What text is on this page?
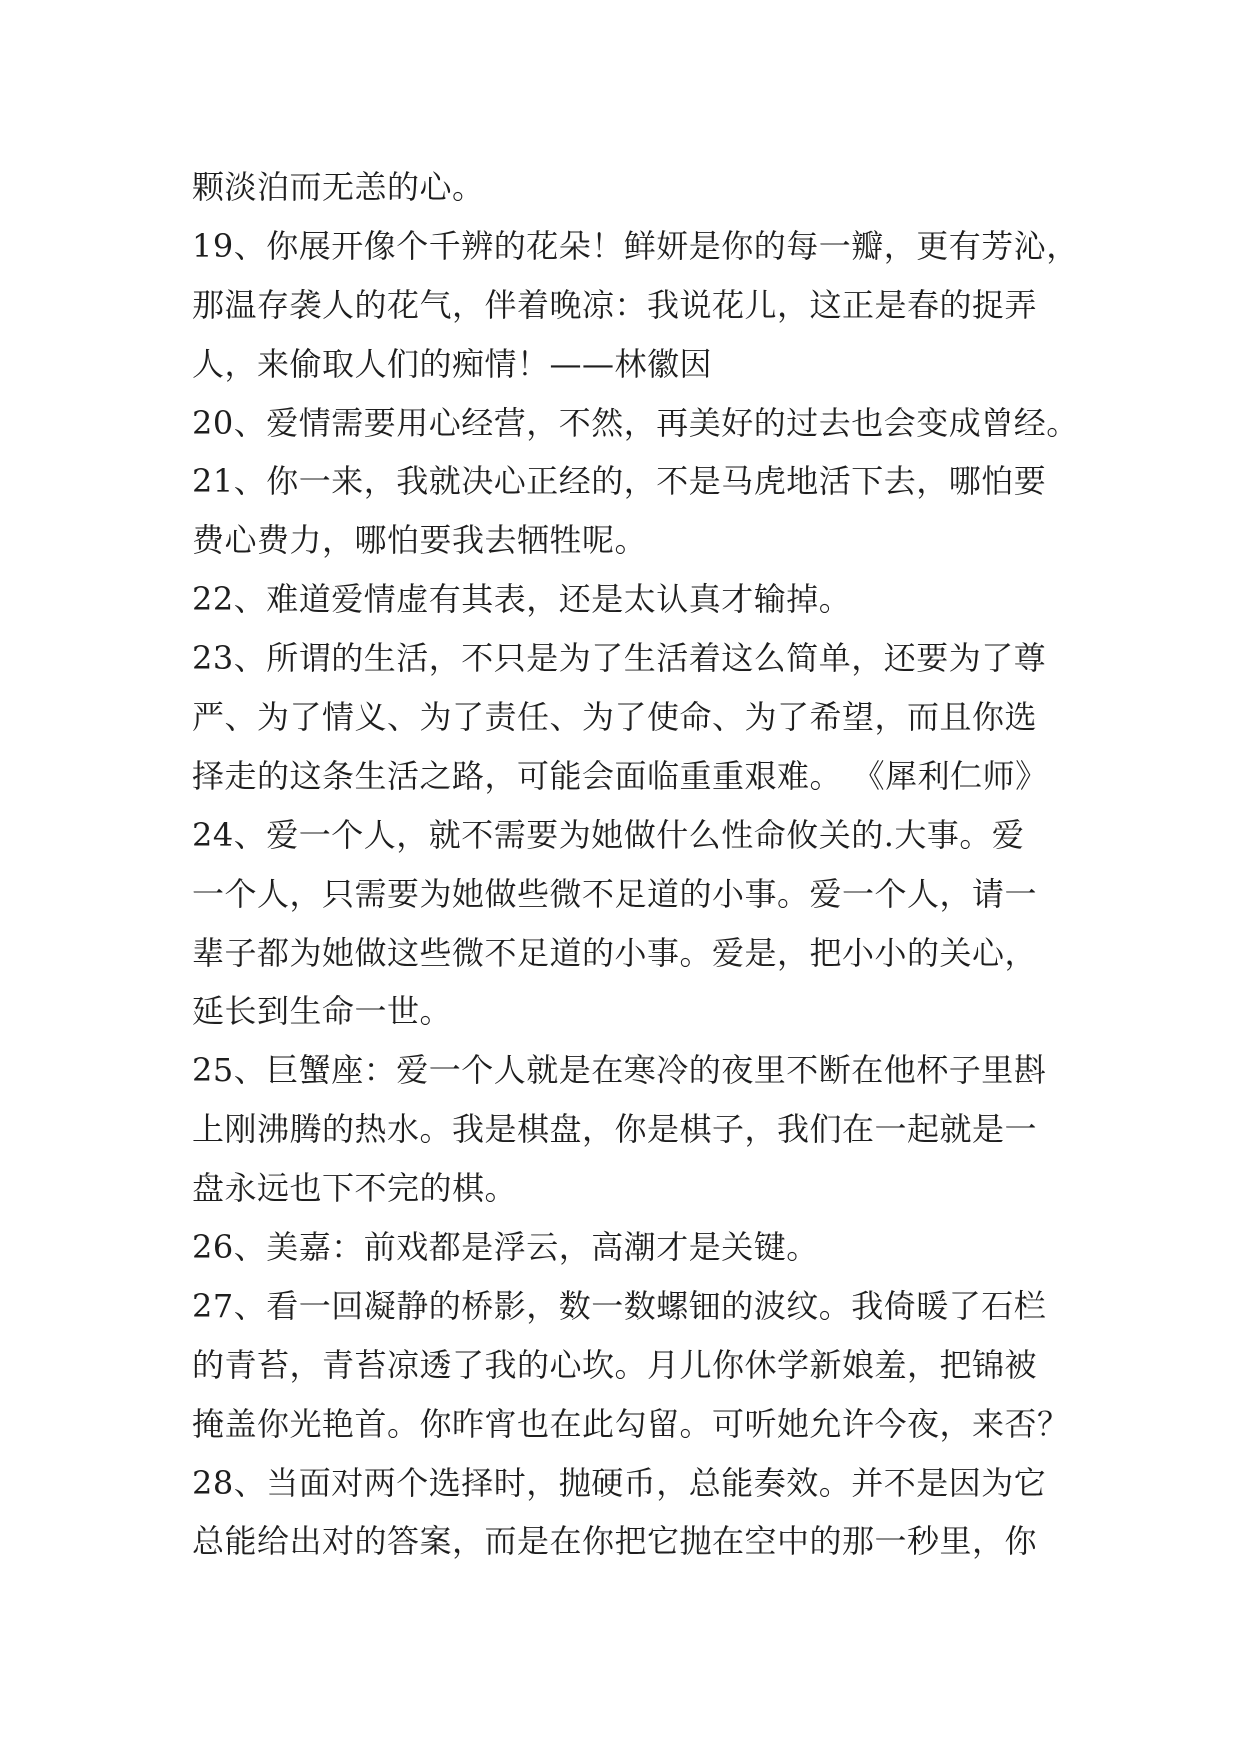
颗淡泊而无恙的心。
19、你展开像个千辨的花朵！鲜妍是你的每一瓣，更有芳沁，
那温存袭人的花气，伴着晚凉：我说花儿，这正是春的捉弄
人，来偷取人们的痴情！——林徽因
20、爱情需要用心经营，不然，再美好的过去也会变成曾经。
21、你一来，我就决心正经的，不是马虎地活下去，哪怕要
费心费力，哪怕要我去牺牲呢。
22、难道爱情虚有其表，还是太认真才输掉。
23、所谓的生活，不只是为了生活着这么简单，还要为了尊
严、为了情义、为了责任、为了使命、为了希望，而且你选
择走的这条生活之路，可能会面临重重艰难。 《犀利仁师》
24、爱一个人，就不需要为她做什么性命攸关的.大事。爱
一个人，只需要为她做些微不足道的小事。爱一个人，请一
辈子都为她做这些微不足道的小事。爱是，把小小的关心，
延长到生命一世。
25、巨蟹座：爱一个人就是在寒冷的夜里不断在他杯子里斟
上刚沸腾的热水。我是棋盘，你是棋子，我们在一起就是一
盘永远也下不完的棋。
26、美嘉：前戏都是浮云，高潮才是关键。
27、看一回凝静的桥影，数一数螺钿的波纹。我倚暖了石栏
的青苔，青苔凉透了我的心坎。月儿你休学新娘羞，把锦被
掩盖你光艳首。你昨宵也在此勾留。可听她允许今夜，来否？
28、当面对两个选择时，抛硬币，总能奏效。并不是因为它
总能给出对的答案，而是在你把它抛在空中的那一秒里，你
